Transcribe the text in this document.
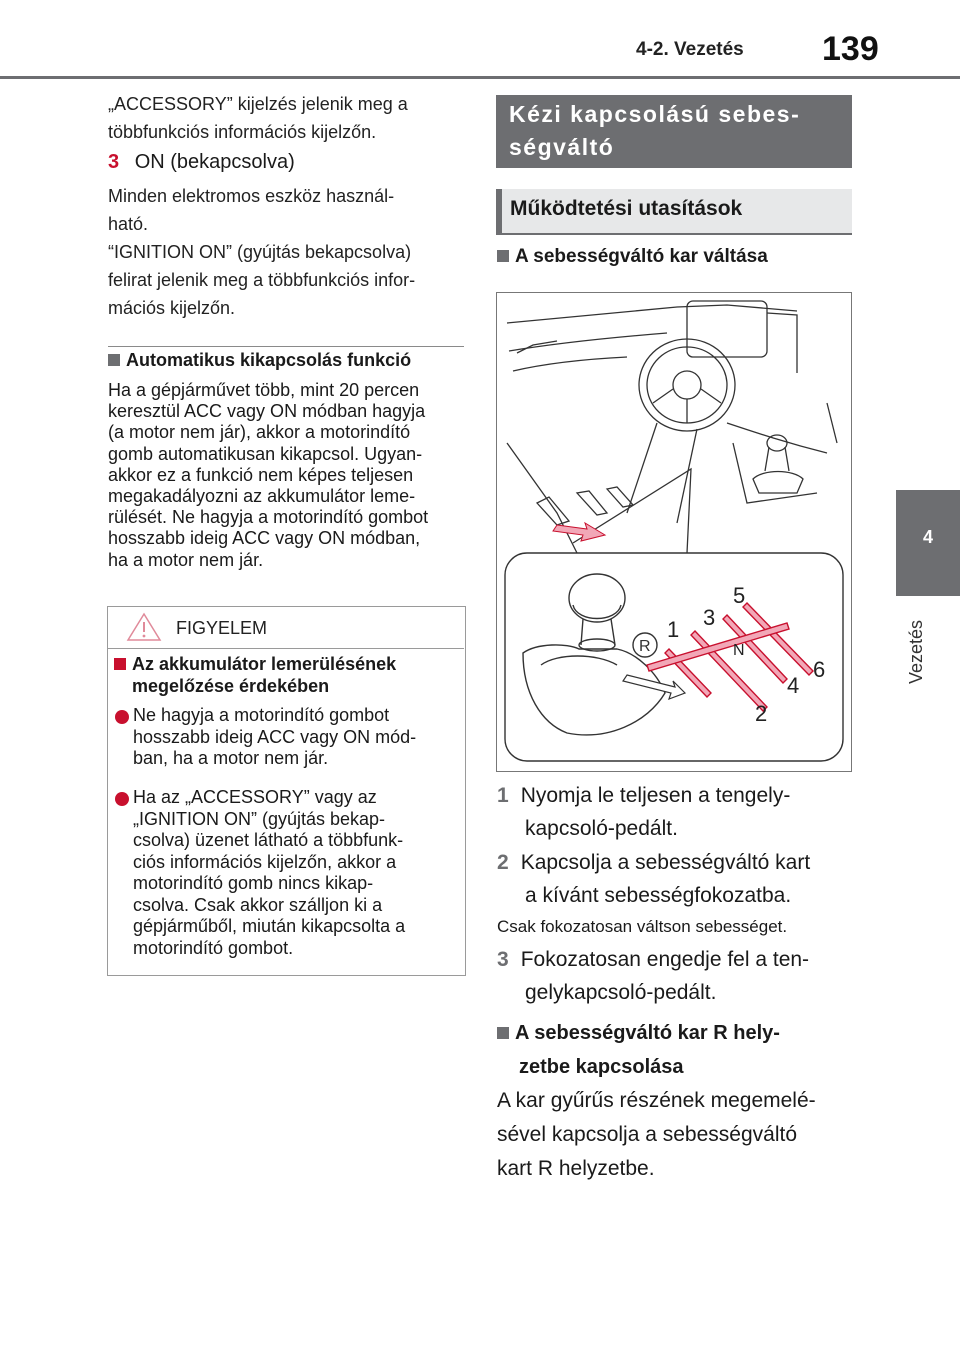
4-2. Vezetés 139
4
Vezetés
„ACCESSORY” kijelzés jelenik meg a
többfunkciós információs kijelzőn.
3 ON (bekapcsolva)
Minden elektromos eszköz használ-
ható.
“IGNITION ON” (gyújtás bekapcsolva)
felirat jelenik meg a többfunkciós infor-
mációs kijelzőn.
Automatikus kikapcsolás funkció
Ha a gépjárművet több, mint 20 percen
keresztül ACC vagy ON módban hagyja
(a motor nem jár), akkor a motorindító
gomb automatikusan kikapcsol. Ugyan-
akkor ez a funkció nem képes teljesen
megakadályozni az akkumulátor leme-
rülését. Ne hagyja a motorindító gombot
hosszabb ideig ACC vagy ON módban,
ha a motor nem jár.
FIGYELEM
Az akkumulátor lemerülésének
megelőzése érdekében
Ne hagyja a motorindító gombot
hosszabb ideig ACC vagy ON mód-
ban, ha a motor nem jár.
Ha az „ACCESSORY” vagy az
„IGNITION ON” (gyújtás bekap-
csolva) üzenet látható a többfunk-
ciós információs kijelzőn, akkor a
motorindító gomb nincs kikap-
csolva. Csak akkor szálljon ki a
gépjárműből, miután kikapcsolta a
motorindító gombot.
Kézi kapcsolású sebes-
ségváltó
Működtetési utasítások
A sebességváltó kar váltása
R
1
2
3
4
5
6
N
1 Nyomja le teljesen a tengely-
kapcsoló-pedált.
2 Kapcsolja a sebességváltó kart
a kívánt sebességfokozatba.
Csak fokozatosan váltson sebességet.
3 Fokozatosan engedje fel a ten-
gelykapcsoló-pedált.
A sebességváltó kar R hely-
zetbe kapcsolása
A kar gyűrűs részének megemelé-
sével kapcsolja a sebességváltó
kart R helyzetbe.
